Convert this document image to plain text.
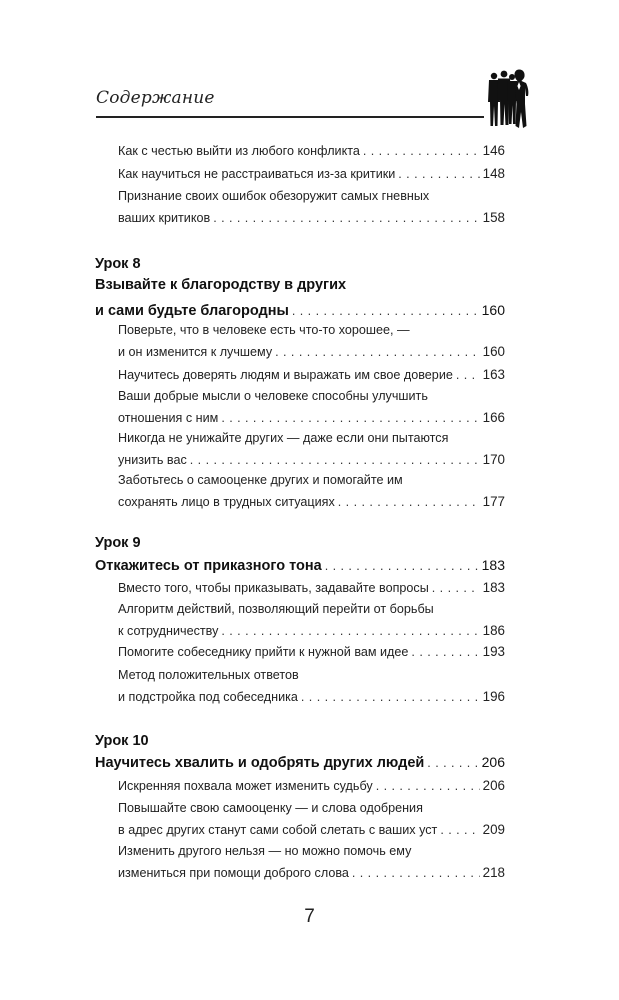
Содержание
Как с честью выйти из любого конфликта . . .	146
Как научиться не расстраиваться из-за критики . . .	148
Признание своих ошибок обезоружит самых гневных
ваших критиков . . .	158
Урок 8
Взывайте к благородству в других
и сами будьте благородны . . .	160
Поверьте, что в человеке есть что-то хорошее, —
и он изменится к лучшему . . .	160
Научитесь доверять людям и выражать им свое доверие . . . 163
Ваши добрые мысли о человеке способны улучшить
отношения с ним . . .	166
Никогда не унижайте других — даже если они пытаются
унизить вас . . .	170
Заботьтесь о самооценке других и помогайте им
сохранять лицо в трудных ситуациях . . .	177
Урок 9
Откажитесь от приказного тона . . .	183
Вместо того, чтобы приказывать, задавайте вопросы . . .	183
Алгоритм действий, позволяющий перейти от борьбы
к сотрудничеству . . .	186
Помогите собеседнику прийти к нужной вам идее . . .	193
Метод положительных ответов
и подстройка под собеседника . . .	196
Урок 10
Научитесь хвалить и одобрять других людей . . .	206
Искренняя похвала может изменить судьбу . . .	206
Повышайте свою самооценку — и слова одобрения
в адрес других станут сами собой слетать с ваших уст . . .	209
Изменить другого нельзя — но можно помочь ему
измениться при помощи доброго слова . . .	218
7
